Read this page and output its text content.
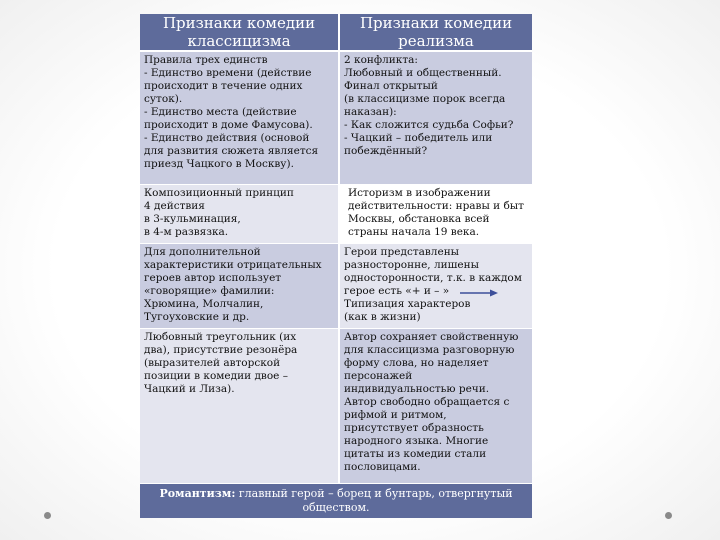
Признаки комедии
классицизма
Признаки комедии
реализма
Правила трех единств
- Единство времени (действие
происходит в течение одних
суток).
- Единство места (действие
происходит в доме Фамусова).
- Единство действия (основой
для развития сюжета является
приезд Чацкого в Москву).
2 конфликта:
Любовный и общественный.
Финал открытый
(в классицизме порок всегда
наказан):
- Как сложится судьба Софьи?
- Чацкий – победитель или
побеждённый?
Композиционный принцип
4 действия
в 3-кульминация,
в 4-м развязка.
Историзм в изображении
действительности: нравы и быт
Москвы, обстановка всей
страны начала 19 века.
Для дополнительной
характеристики отрицательных
героев автор использует
«говорящие» фамилии:
Хрюмина, Молчалин,
Тугоуховские и др.
Герои представлены
разносторонне, лишены
односторонности, т.к. в каждом
герое есть «+ и – »
Типизация характеров
(как в жизни)
Любовный треугольник (их
два), присутствие резонёра
(выразителей авторской
позиции в комедии двое –
Чацкий и Лиза).
Автор сохраняет свойственную
для классицизма разговорную
форму слова, но наделяет
персонажей
индивидуальностью речи.
Автор свободно обращается с
рифмой и ритмом,
присутствует образность
народного языка. Многие
цитаты из комедии стали
пословицами.
Романтизм: главный герой – борец и бунтарь, отвергнутый
обществом.
